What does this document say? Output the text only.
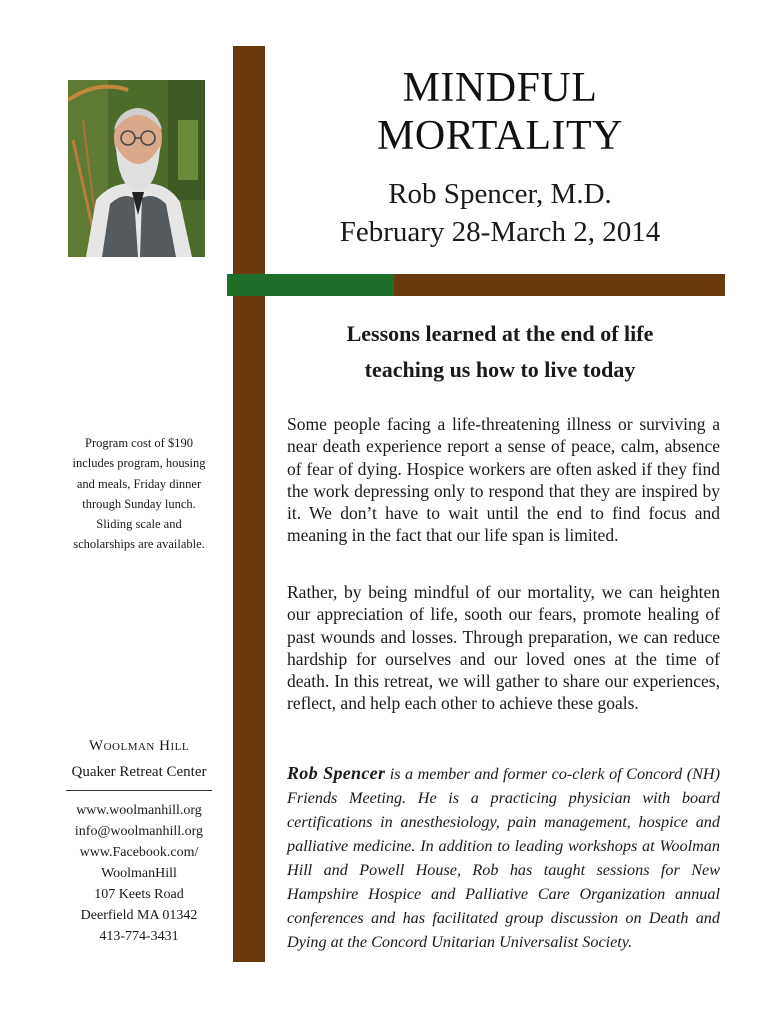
MINDFUL
MORTALITY
Rob Spencer, M.D.
February 28-March 2, 2014
Lessons learned at the end of life
teaching us how to live today

Some people facing a life-threatening illness or surviving a near death experience report a sense of peace, calm, absence of fear of dying. Hospice workers are often asked if they find the work depressing only to respond that they are inspired by it. We don’t have to wait until the end to find focus and meaning in the fact that our life span is limited.

Rather, by being mindful of our mortality, we can heighten our appreciation of life, sooth our fears, promote healing of past wounds and losses. Through preparation, we can reduce hardship for ourselves and our loved ones at the time of death. In this retreat, we will gather to share our experiences, reflect, and help each other to achieve these goals.

Rob Spencer is a member and former co-clerk of Concord (NH) Friends Meeting. He is a practicing physician with board certifications in anesthesiology, pain management, hospice and palliative medicine. In addition to leading workshops at Woolman Hill and Powell House, Rob has taught sessions for New Hampshire Hospice and Palliative Care Organization annual conferences and has facilitated group discussion on Death and Dying at the Concord Unitarian Universalist Society.

Program cost of $190
includes program, housing
and meals, Friday dinner
through Sunday lunch.
Sliding scale and
scholarships are available.
Woolman Hill
Quaker Retreat Center
www.woolmanhill.org
info@woolmanhill.org
www.Facebook.com/
WoolmanHill
107 Keets Road
Deerfield MA 01342
413-774-3431
